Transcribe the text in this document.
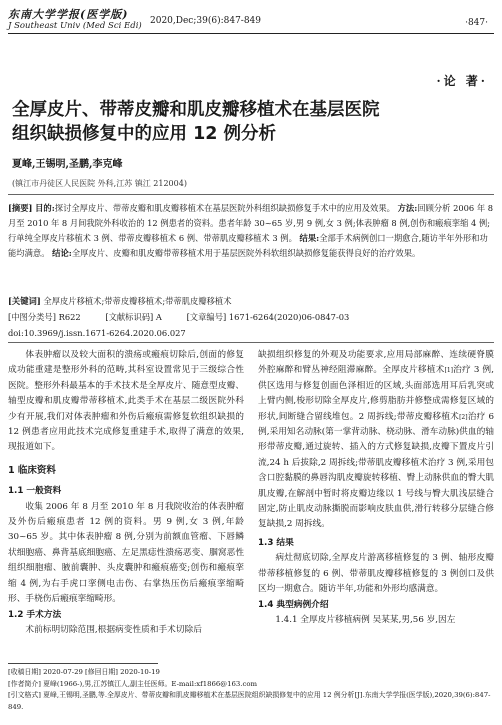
东南大学学报(医学版)
J Southeast Univ (Med Sci Edi) 2020,Dec;39(6):847-849	·847·
·论 著·
全厚皮片、带蒂皮瓣和肌皮瓣移植术在基层医院
组织缺损修复中的应用 12 例分析
夏峰,王锡明,圣鹏,李克峰
(镇江市丹徒区人民医院 外科,江苏 镇江 212004)
[摘要] 目的:探讨全厚皮片、带蒂皮瓣和肌皮瓣移植术在基层医院外科组织缺损修复手术中的应用及效果。 方法:回顾分析 2006 年 8 月至 2010 年 8 月间我院外科收治的 12 例患者的资料。患者年龄 30~65 岁,男 9 例,女 3 例;体表肿瘤 8 例,创伤和瘢痕挛缩 4 例;行单纯全厚皮片移植术 3 例、带蒂皮瓣移植术 6 例、带蒂肌皮瓣移植术 3 例。 结果:全部手术病例创口一期愈合,随访半年外形和功能均满意。 结论:全厚皮片、皮瓣和肌皮瓣带蒂移植术用于基层医院外科软组织缺损修复能获得良好的治疗效果。
[关键词] 全厚皮片移植术;带蒂皮瓣移植术;带蒂肌皮瓣移植术
[中图分类号] R622	[文献标识码] A	[文章编号] 1671-6264(2020)06-0847-03
doi:10.3969/j.issn.1671-6264.2020.06.027

体表肿瘤以及较大面积的溃疡或瘢痕切除后,创面的修复成功能重建是整形外科的范畴,其科室设置常见于三级综合性医院。整形外科最基本的手术技术是全厚皮片、随意型皮瓣、轴型皮瓣和肌皮瓣带蒂移植术,此类手术在基层二级医院外科少有开展,我们对体表肿瘤和外伤后瘢痕需修复软组织缺损的 12 例患者应用此技术完成修复重建手术,取得了满意的效果,现报道如下。

1 临床资料

1.1 一般资料

收集 2006 年 8 月至 2010 年 8 月我院收治的体表肿瘤及外伤后瘢痕患者 12 例的资料。男 9 例,女 3 例,年龄 30~65 岁。其中体表肿瘤 8 例,分别为前额血管瘤、下唇鳞状细胞癌、鼻背基底细胞癌、左足黑痣性溃疡恶变、腘窝恶性组织细胞瘤、腋前囊肿、头皮囊肿和瘢痕癌变;创伤和瘢痕挛缩 4 例,为右手虎口挛侧电击伤、右掌热压伤后瘢痕挛缩畸形、手桡伤后瘢痕挛缩畸形。

1.2 手术方法

术前标明切除范围,根据病变性质和手术切除后

缺损组织修复的外观及功能要求,应用局部麻醉、连续硬脊膜外腔麻醉和臂丛神经阻滞麻醉。全厚皮片移植术[1]治疗 3 例,供区选用与修复创面色泽相近的区域,头面部选用耳后乳突或上臂内侧,梭形切除全厚皮片,修剪脂肪并修整成需修复区域的形状,间断缝合留线堆包。2 周拆线;带蒂皮瓣移植术[2]治疗 6 例,采用知名动脉(第一掌背动脉、桡动脉、滑车动脉)供血的轴形带蒂皮瓣,通过旋转、插入的方式修复缺损,皮瓣下置皮片引流,24 h 后拔除,2 周拆线;带蒂肌皮瓣移植术治疗 3 例,采用包含口腔黏膜的鼻唇沟肌皮瓣旋转移植、臀上动脉供血的臀大肌肌皮瓣,在解剖中暂时将皮瓣边缘以 1 号线与臀大肌浅层缝合固定,防止肌皮动脉撕脱而影响皮肤血供,滑行转移分层缝合修复缺损,2 周拆线。

1.3 结果

病灶彻底切除,全厚皮片游离移植修复的 3 例、轴形皮瓣带蒂移植修复的 6 例、带蒂肌皮瓣移植修复的 3 例创口及供区均一期愈合。随访半年,功能和外形均感满意。

1.4 典型病例介绍

1.4.1 全厚皮片移植病例 吴某某,男,56 岁,因左

[收稿日期] 2020-07-29 [修回日期] 2020-10-19
[作者简介] 夏峰(1966-),男,江苏镇江人,副主任医师。E-mail:xf1866@163.com
[引文格式] 夏峰,王锡明,圣鹏,等.全厚皮片、带蒂皮瓣和肌皮瓣移植术在基层医院组织缺损修复中的应用 12 例分析[J].东南大学学报(医学版),2020,39(6):847-849.
